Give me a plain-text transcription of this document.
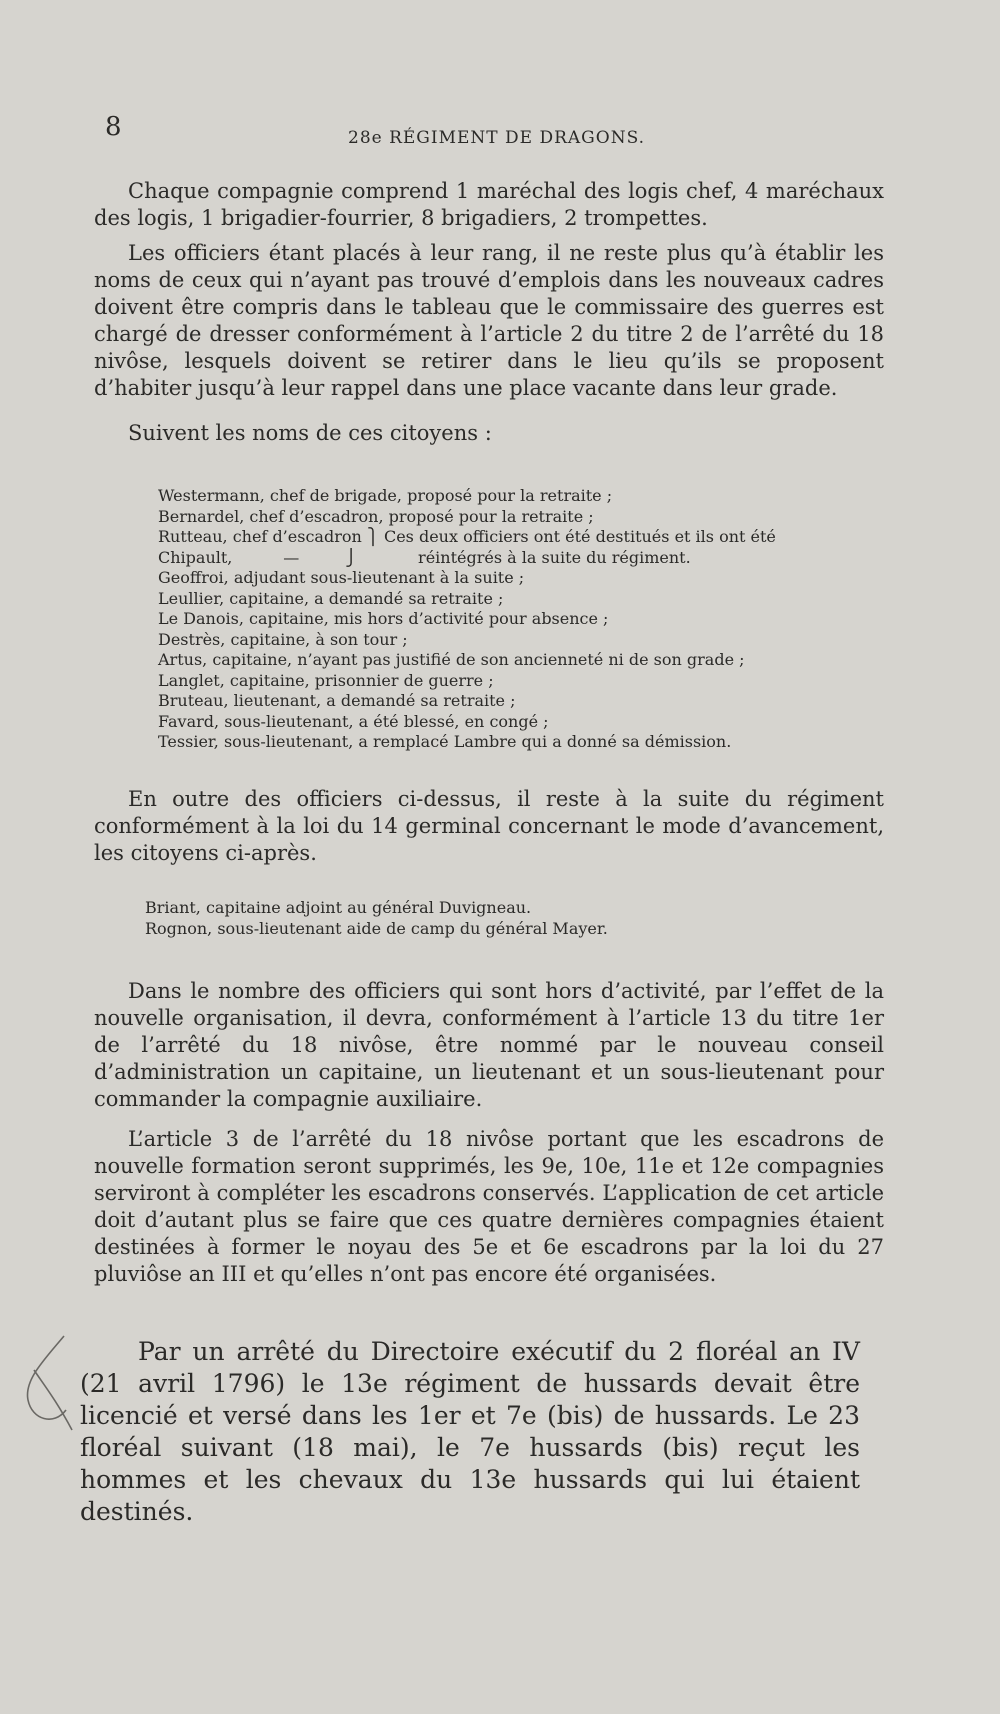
8	28e RÉGIMENT DE DRAGONS.

Chaque compagnie comprend 1 maréchal des logis chef, 4 maréchaux des logis, 1 brigadier-fourrier, 8 brigadiers, 2 trompettes.

Les officiers étant placés à leur rang, il ne reste plus qu’à établir les noms de ceux qui n’ayant pas trouvé d’emplois dans les nouveaux cadres doivent être compris dans le tableau que le commissaire des guerres est chargé de dresser conformément à l’article 2 du titre 2 de l’arrêté du 18 nivôse, lesquels doivent se retirer dans le lieu qu’ils se proposent d’habiter jusqu’à leur rappel dans une place vacante dans leur grade.

Suivent les noms de ces citoyens :

Westermann, chef de brigade, proposé pour la retraite ;
Bernardel, chef d’escadron, proposé pour la retraite ;
Rutteau, chef d’escadron ⎫ Ces deux officiers ont été destitués et ils ont été
Chipault,          —         ⎭            réintégrés à la suite du régiment.
Geoffroi, adjudant sous-lieutenant à la suite ;
Leullier, capitaine, a demandé sa retraite ;
Le Danois, capitaine, mis hors d’activité pour absence ;
Destrès, capitaine, à son tour ;
Artus, capitaine, n’ayant pas justifié de son ancienneté ni de son grade ;
Langlet, capitaine, prisonnier de guerre ;
Bruteau, lieutenant, a demandé sa retraite ;
Favard, sous-lieutenant, a été blessé, en congé ;
Tessier, sous-lieutenant, a remplacé Lambre qui a donné sa démission.

En outre des officiers ci-dessus, il reste à la suite du régiment conformément à la loi du 14 germinal concernant le mode d’avancement, les citoyens ci-après.

Briant, capitaine adjoint au général Duvigneau.
Rognon, sous-lieutenant aide de camp du général Mayer.

Dans le nombre des officiers qui sont hors d’activité, par l’effet de la nouvelle organisation, il devra, conformément à l’article 13 du titre 1er de l’arrêté du 18 nivôse, être nommé par le nouveau conseil d’administration un capitaine, un lieutenant et un sous-lieutenant pour commander la compagnie auxiliaire.

L’article 3 de l’arrêté du 18 nivôse portant que les escadrons de nouvelle formation seront supprimés, les 9e, 10e, 11e et 12e compagnies serviront à compléter les escadrons conservés. L’application de cet article doit d’autant plus se faire que ces quatre dernières compagnies étaient destinées à former le noyau des 5e et 6e escadrons par la loi du 27 pluviôse an III et qu’elles n’ont pas encore été organisées.

Par un arrêté du Directoire exécutif du 2 floréal an IV (21 avril 1796) le 13e régiment de hussards devait être licencié et versé dans les 1er et 7e (bis) de hussards. Le 23 floréal suivant (18 mai), le 7e hussards (bis) reçut les hommes et les chevaux du 13e hussards qui lui étaient destinés.
